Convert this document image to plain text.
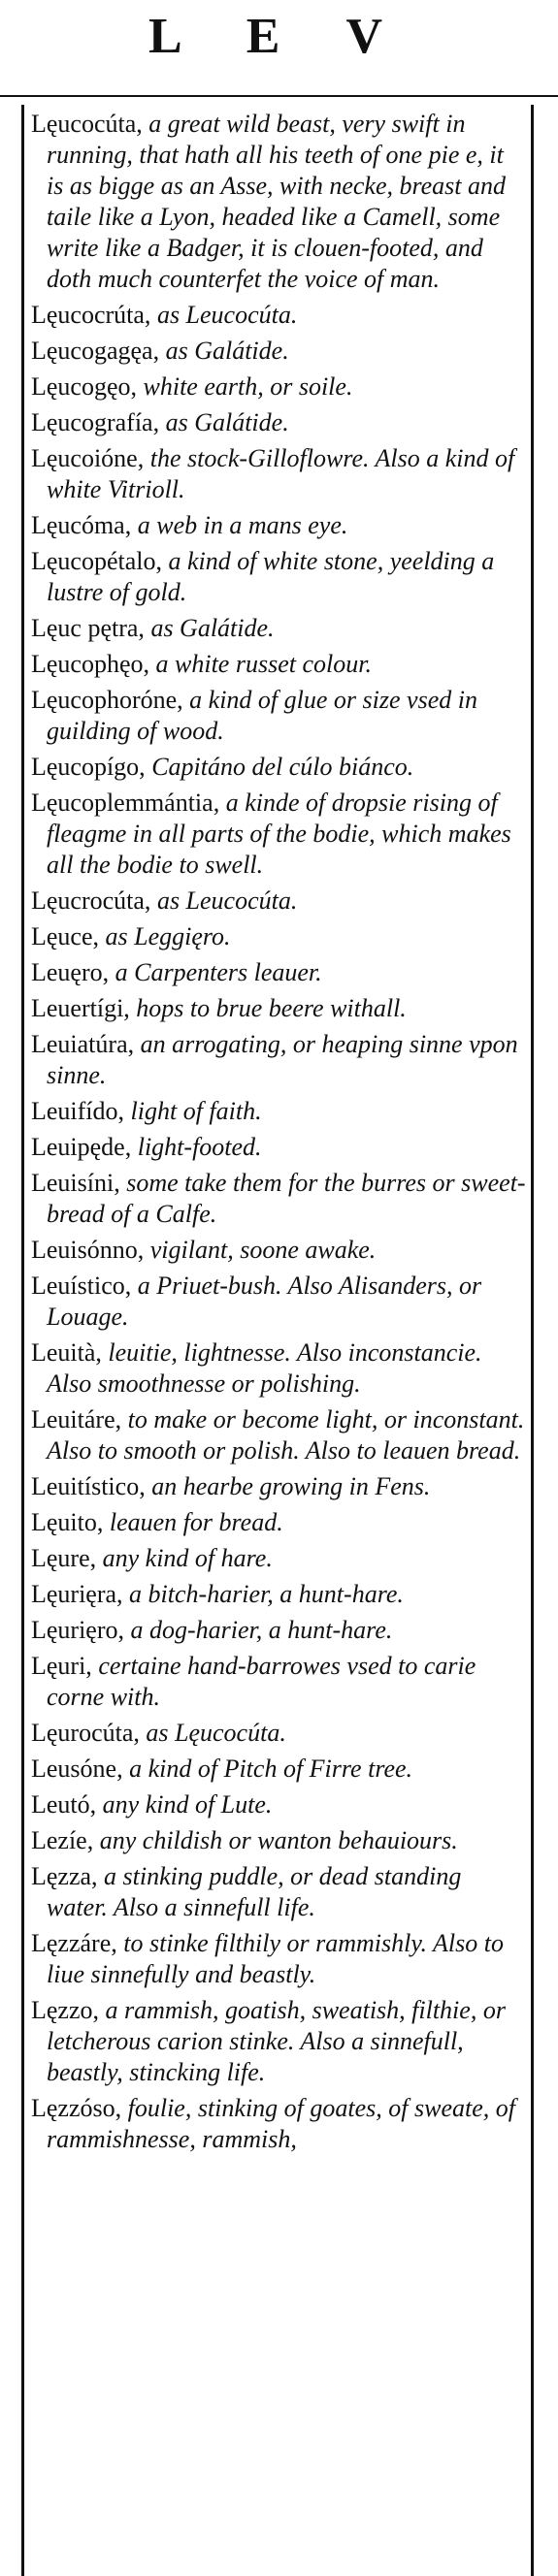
L E V

Lęucocúta, a great wild beast, very swift in running, that hath all his teeth of one pie e, it is as bigge as an Asse, with necke, breast and taile like a Lyon, headed like a Camell, some write like a Badger, it is clouen-footed, and doth much counterfet the voice of man.

Lęucocrúta, as Leucocúta.

Lęucogagęa, as Galátide.

Lęucogęo, white earth, or soile.

Lęucografía, as Galátide.

Lęucoióne, the stock-Gilloflowre. Also a kind of white Vitrioll.

Lęucóma, a web in a mans eye.

Lęucopétalo, a kind of white stone, yeelding a lustre of gold.

Lęuc pętra, as Galátide.

Lęucophęo, a white russet colour.

Lęucophoróne, a kind of glue or size vsed in guilding of wood.

Lęucopígo, Capitáno del cúlo biánco.

Lęucoplemmántia, a kinde of dropsie rising of fleagme in all parts of the bodie, which makes all the bodie to swell.

Lęucrocúta, as Leucocúta.

Lęuce, as Leggięro.

Leuęro, a Carpenters leauer.

Leuertígi, hops to brue beere withall.

Leuiatúra, an arrogating, or heaping sinne vpon sinne.

Leuifído, light of faith.

Leuipęde, light-footed.

Leuisíni, some take them for the burres or sweet-bread of a Calfe.

Leuisónno, vigilant, soone awake.

Leuístico, a Priuet-bush. Also Alisanders, or Louage.

Leuità, leuitie, lightnesse. Also inconstancie. Also smoothnesse or polishing.

Leuitáre, to make or become light, or inconstant. Also to smooth or polish. Also to leauen bread.

Leuitístico, an hearbe growing in Fens.

Lęuito, leauen for bread.

Lęure, any kind of hare.

Lęurięra, a bitch-harier, a hunt-hare.

Lęurięro, a dog-harier, a hunt-hare.

Lęuri, certaine hand-barrowes vsed to carie corne with.

Lęurocúta, as Lęucocúta.

Leusóne, a kind of Pitch of Firre tree.

Leutó, any kind of Lute.

Lezíe, any childish or wanton behauiours.

Lęzza, a stinking puddle, or dead standing water. Also a sinnefull life.

Lęzzáre, to stinke filthily or rammishly. Also to liue sinnefully and beastly.

Lęzzo, a rammish, goatish, sweatish, filthie, or letcherous carion stinke. Also a sinnefull, beastly, stincking life.

Lęzzóso, foulie, stinking of goates, of sweate, of rammishnesse, rammish,
